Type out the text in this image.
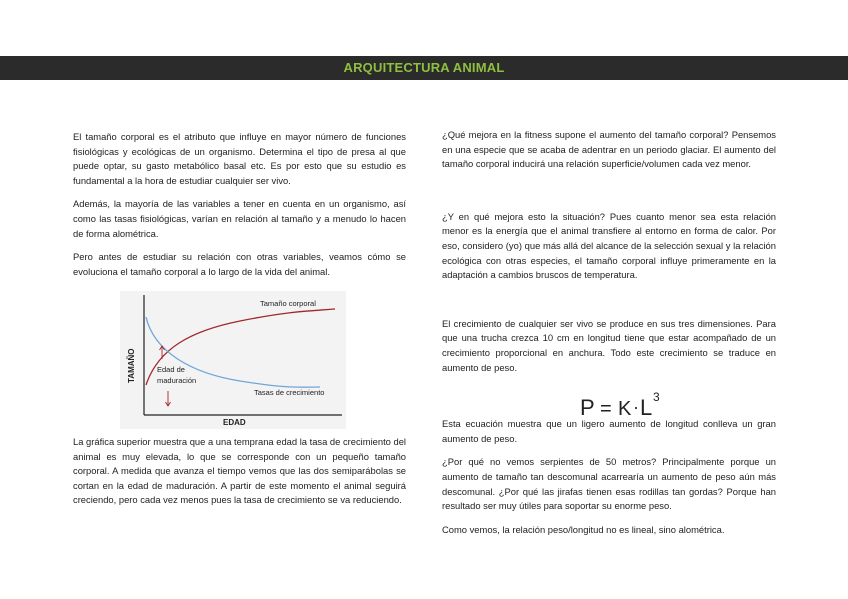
ARQUITECTURA ANIMAL

El tamaño corporal es el atributo que influye en mayor número de funciones fisiológicas y ecológicas de un organismo. Determina el tipo de presa al que puede optar, su gasto metabólico basal etc. Es por esto que su estudio es fundamental a la hora de estudiar cualquier ser vivo.

Además, la mayoría de las variables a tener en cuenta en un organismo, así como las tasas fisiológicas, varían en relación al tamaño y a menudo lo hacen de forma alométrica.

Pero antes de estudiar su relación con otras variables, veamos cómo se evoluciona el tamaño corporal a lo largo de la vida del animal.

Tamaño corporal
Tasas de crecimiento
Edad de
maduración
EDAD
TAMAÑO
La gráfica superior muestra que a una temprana edad la tasa de crecimiento del animal es muy elevada, lo que se corresponde con un pequeño tamaño corporal. A medida que avanza el tiempo vemos que las dos semiparábolas se cortan en la edad de maduración. A partir de este momento el animal seguirá creciendo, pero cada vez menos pues la tasa de crecimiento se va reduciendo.

¿Qué mejora en la fitness supone el aumento del tamaño corporal? Pensemos en una especie que se acaba de adentrar en un periodo glaciar. El aumento del tamaño corporal inducirá una relación superficie/volumen cada vez menor.

¿Y en qué mejora esto la situación? Pues cuanto menor sea esta relación menor es la energía que el animal transfiere al entorno en forma de calor. Por eso, considero (yo) que más allá del alcance de la selección sexual y la relación ecológica con otras especies, el tamaño corporal influye primeramente en la adaptación a cambios bruscos de temperatura.

El crecimiento de cualquier ser vivo se produce en sus tres dimensiones. Para que una trucha crezca 10 cm en longitud tiene que estar acompañado de un crecimiento proporcional en anchura. Todo este crecimiento se traduce en aumento de peso.

Esta ecuación muestra que un ligero aumento de longitud conlleva un gran aumento de peso.

¿Por qué no vemos serpientes de 50 metros? Principalmente porque un aumento de tamaño tan descomunal acarrearía un aumento de peso aún más descomunal. ¿Por qué las jirafas tienen esas rodillas tan gordas? Porque han resultado ser muy útiles para soportar su enorme peso.

Como vemos, la relación peso/longitud no es lineal, sino alométrica.

P = K · L 3
